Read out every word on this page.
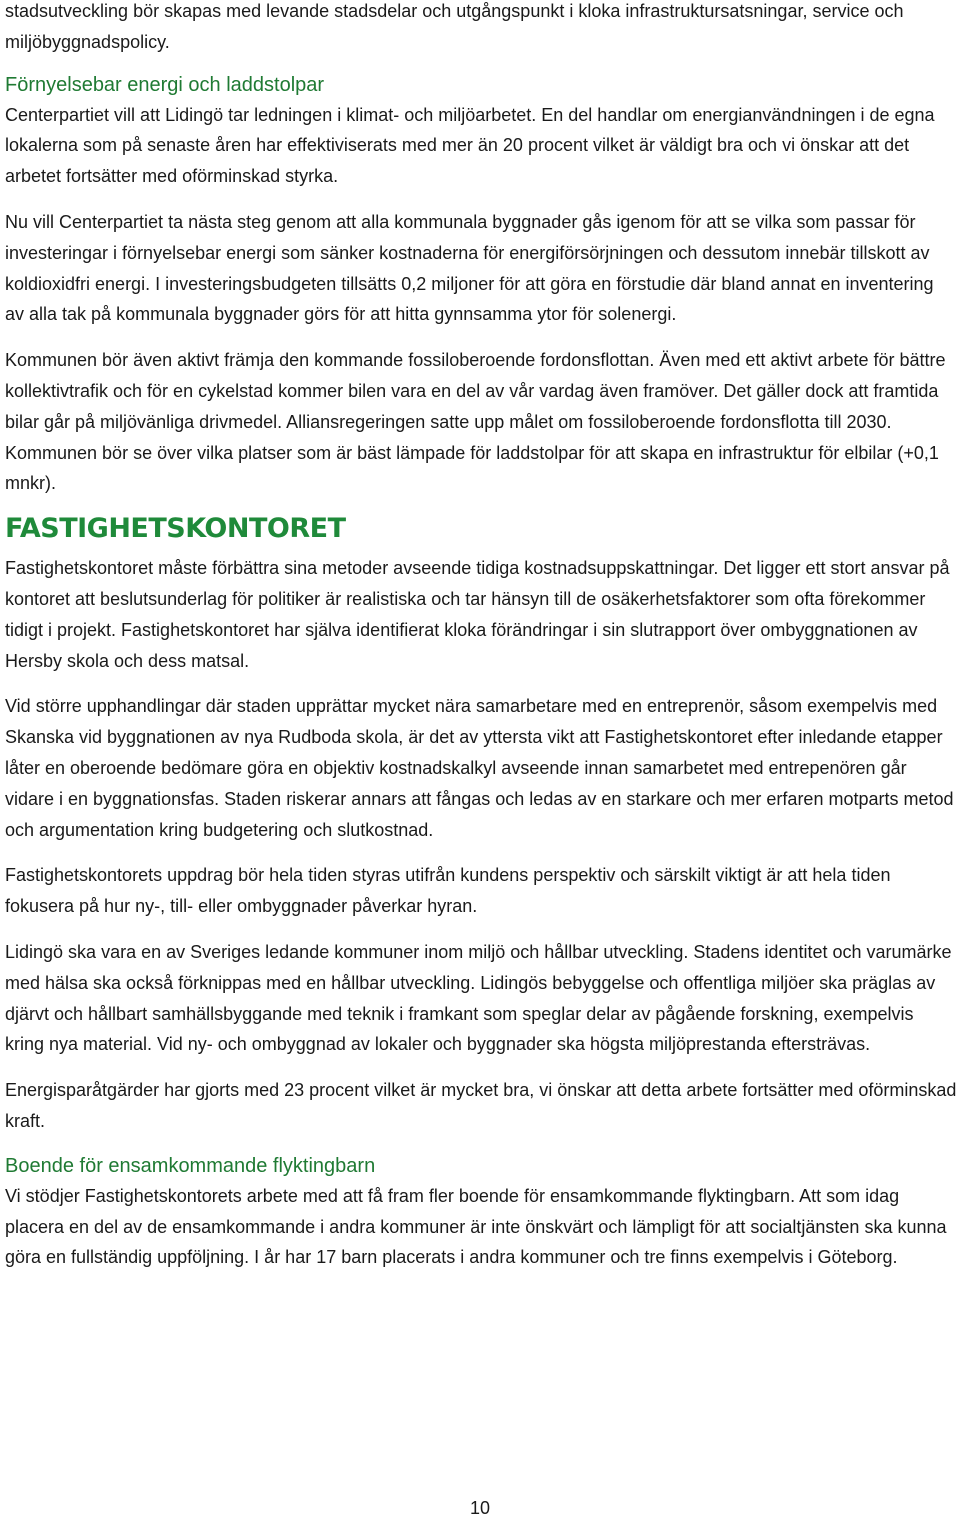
stadsutveckling bör skapas med levande stadsdelar och utgångspunkt i kloka infrastruktursatsningar, service och miljöbyggnadspolicy.

Förnyelsebar energi och laddstolpar

Centerpartiet vill att Lidingö tar ledningen i klimat- och miljöarbetet. En del handlar om energianvändningen i de egna lokalerna som på senaste åren har effektiviserats med mer än 20 procent vilket är väldigt bra och vi önskar att det arbetet fortsätter med oförminskad styrka.

Nu vill Centerpartiet ta nästa steg genom att alla kommunala byggnader gås igenom för att se vilka som passar för investeringar i förnyelsebar energi som sänker kostnaderna för energiförsörjningen och dessutom innebär tillskott av koldioxidfri energi. I investeringsbudgeten tillsätts 0,2 miljoner för att göra en förstudie där bland annat en inventering av alla tak på kommunala byggnader görs för att hitta gynnsamma ytor för solenergi.

Kommunen bör även aktivt främja den kommande fossiloberoende fordonsflottan. Även med ett aktivt arbete för bättre kollektivtrafik och för en cykelstad kommer bilen vara en del av vår vardag även framöver. Det gäller dock att framtida bilar går på miljövänliga drivmedel. Alliansregeringen satte upp målet om fossiloberoende fordonsflotta till 2030. Kommunen bör se över vilka platser som är bäst lämpade för laddstolpar för att skapa en infrastruktur för elbilar (+0,1 mnkr).

FASTIGHETSKONTORET

Fastighetskontoret måste förbättra sina metoder avseende tidiga kostnadsuppskattningar. Det ligger ett stort ansvar på kontoret att beslutsunderlag för politiker är realistiska och tar hänsyn till de osäkerhetsfaktorer som ofta förekommer tidigt i projekt. Fastighetskontoret har själva identifierat kloka förändringar i sin slutrapport över ombyggnationen av Hersby skola och dess matsal.

Vid större upphandlingar där staden upprättar mycket nära samarbetare med en entreprenör, såsom exempelvis med Skanska vid byggnationen av nya Rudboda skola, är det av yttersta vikt att Fastighetskontoret efter inledande etapper låter en oberoende bedömare göra en objektiv kostnadskalkyl avseende innan samarbetet med entrepenören går vidare i en byggnationsfas. Staden riskerar annars att fångas och ledas av en starkare och mer erfaren motparts metod och argumentation kring budgetering och slutkostnad.

Fastighetskontorets uppdrag bör hela tiden styras utifrån kundens perspektiv och särskilt viktigt är att hela tiden fokusera på hur ny-, till- eller ombyggnader påverkar hyran.

Lidingö ska vara en av Sveriges ledande kommuner inom miljö och hållbar utveckling. Stadens identitet och varumärke med hälsa ska också förknippas med en hållbar utveckling. Lidingös bebyggelse och offentliga miljöer ska präglas av djärvt och hållbart samhällsbyggande med teknik i framkant som speglar delar av pågående forskning, exempelvis kring nya material. Vid ny- och ombyggnad av lokaler och byggnader ska högsta miljöprestanda eftersträvas.

Energisparåtgärder har gjorts med 23 procent vilket är mycket bra, vi önskar att detta arbete fortsätter med oförminskad kraft.

Boende för ensamkommande flyktingbarn

Vi stödjer Fastighetskontorets arbete med att få fram fler boende för ensamkommande flyktingbarn. Att som idag placera en del av de ensamkommande i andra kommuner är inte önskvärt och lämpligt för att socialtjänsten ska kunna göra en fullständig uppföljning. I år har 17 barn placerats i andra kommuner och tre finns exempelvis i Göteborg.

10
